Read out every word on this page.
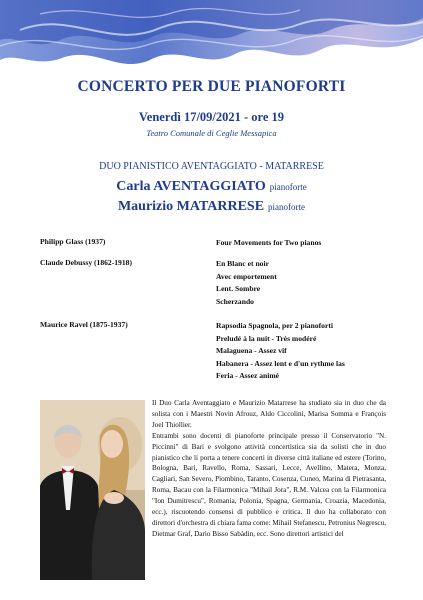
CONCERTO PER DUE PIANOFORTI
Venerdì 17/09/2021 - ore 19
Teatro Comunale di Ceglie Messapica
DUO PIANISTICO AVENTAGGIATO - MATARRESE
Carla AVENTAGGIATO pianoforte
Maurizio MATARRESE pianoforte
Philipp Glass (1937)	Four Movements for Two pianos
Claude Debussy (1862-1918)	En Blanc et noir
Avec emportement
Lent. Sombre
Scherzando
Maurice Ravel (1875-1937)	Rapsodia Spagnola, per 2 pianoforti
Preludé à la nuit - Très modéré
Malaguena - Assez vif
Habanera - Assez lent e d'un rythme las
Feria - Assez animé

Il Duo Carla Aventaggiato e Maurizio Matarrese ha studiato sia in duo che da solista con i Maestri Novin Afrouz, Aldo Ciccolini, Marisa Somma e François Joel Thiollier.

Entrambi sono docenti di pianoforte principale presso il Conservatorio "N. Piccinni" di Bari e svolgono attività concertistica sia da solisti che in duo pianistico che li porta a tenere concerti in diverse città italiane ed estere (Torino, Bologna, Bari, Ravello, Roma, Sassari, Lecce, Avellino, Matera, Monza, Cagliari, San Severo, Piombino, Taranto, Cosenza, Cuneo, Marina di Pietrasanta, Roma, Bacau con la Filarmonica "Mihail Jora", R.M. Valcea con la Filarmonica "Ion Dumitrescu", Romania, Polonia, Spagna, Germania, Croazia, Macedonia, ecc.), riscuotendo consensi di pubblico e critica. Il duo ha collaborato con direttori d'orchestra di chiara fama come: Mihail Stefanescu, Petronius Negrescu, Dietmar Graf, Dario Bisso Sabàdin, ecc. Sono direttori artistici del
